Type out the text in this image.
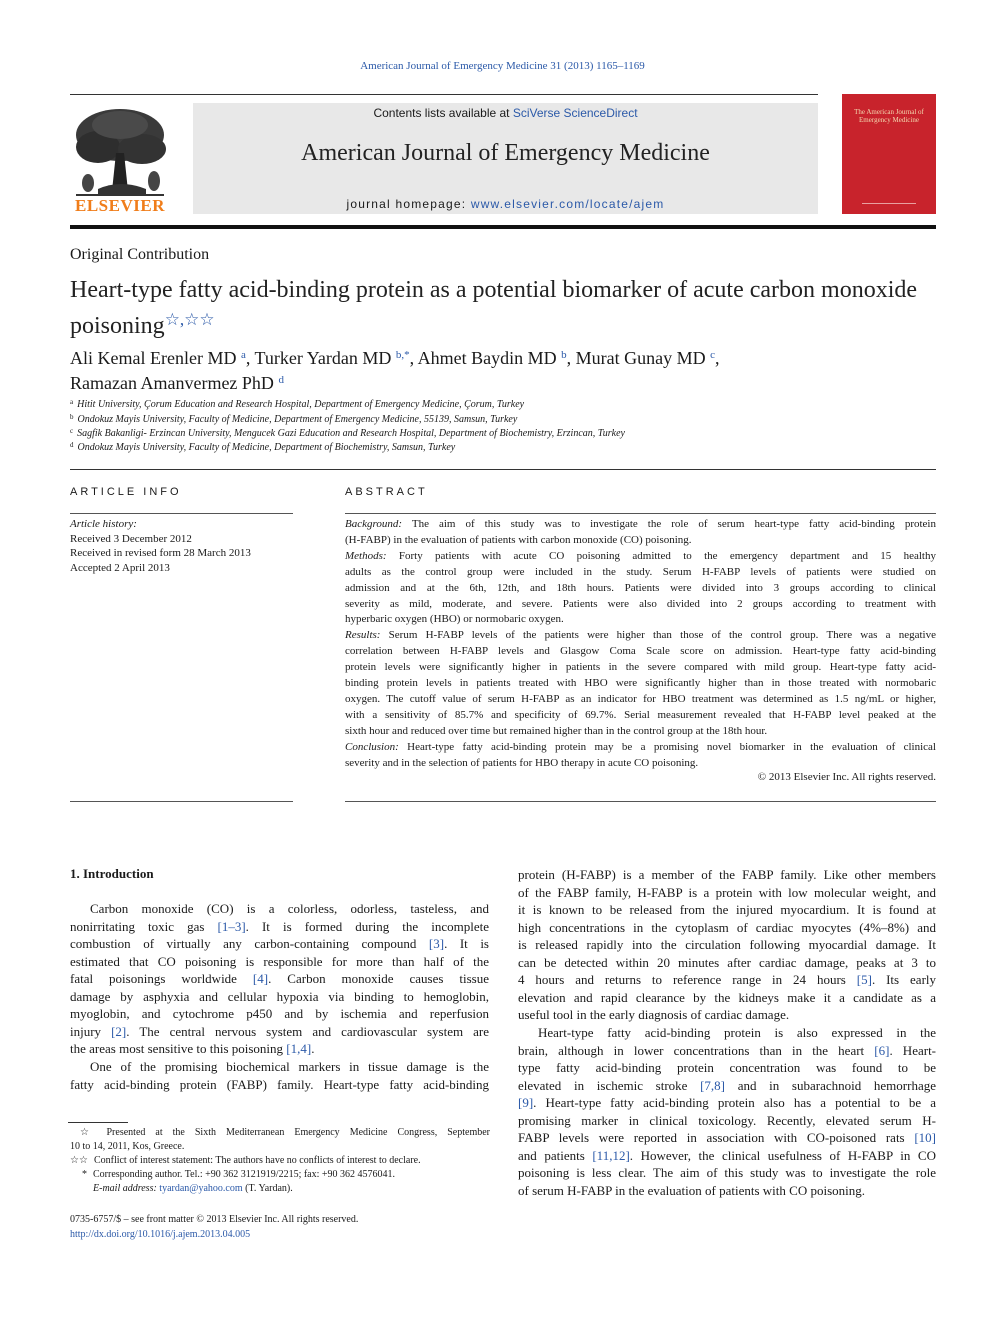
American Journal of Emergency Medicine 31 (2013) 1165–1169
ELSEVIER
Contents lists available at SciVerse ScienceDirect
American Journal of Emergency Medicine
journal homepage: www.elsevier.com/locate/ajem
The American Journal of Emergency Medicine
Original Contribution
Heart-type fatty acid-binding protein as a potential biomarker of acute carbon monoxide poisoning☆,☆☆
Ali Kemal Erenler MD $^a$, Turker Yardan MD $^{b,*}$, Ahmet Baydin MD $^b$, Murat Gunay MD $^c$,
Ramazan Amanvermez PhD $^d$
$^a$ Hitit University, Çorum Education and Research Hospital, Department of Emergency Medicine, Çorum, Turkey
$^b$ Ondokuz Mayis University, Faculty of Medicine, Department of Emergency Medicine, 55139, Samsun, Turkey
$^c$ Sagfik Bakanligi- Erzincan University, Mengucek Gazi Education and Research Hospital, Department of Biochemistry, Erzincan, Turkey
$^d$ Ondokuz Mayis University, Faculty of Medicine, Department of Biochemistry, Samsun, Turkey
ARTICLE INFO	ABSTRACT
Article history:
Received 3 December 2012
Received in revised form 28 March 2013
Accepted 2 April 2013
Background: The aim of this study was to investigate the role of serum heart-type fatty acid-binding protein
(H-FABP) in the evaluation of patients with carbon monoxide (CO) poisoning.
Methods: Forty patients with acute CO poisoning admitted to the emergency department and 15 healthy
adults as the control group were included in the study. Serum H-FABP levels of patients were studied on
admission and at the 6th, 12th, and 18th hours. Patients were divided into 3 groups according to clinical
severity as mild, moderate, and severe. Patients were also divided into 2 groups according to treatment with
hyperbaric oxygen (HBO) or normobaric oxygen.
Results: Serum H-FABP levels of the patients were higher than those of the control group. There was a negative
correlation between H-FABP levels and Glasgow Coma Scale score on admission. Heart-type fatty acid-binding
protein levels were significantly higher in patients in the severe compared with mild group. Heart-type fatty acid-
binding protein levels in patients treated with HBO were significantly higher than in those treated with normobaric
oxygen. The cutoff value of serum H-FABP as an indicator for HBO treatment was determined as 1.5 ng/mL or higher,
with a sensitivity of 85.7% and specificity of 69.7%. Serial measurement revealed that H-FABP level peaked at the
sixth hour and reduced over time but remained higher than in the control group at the 18th hour.
Conclusion: Heart-type fatty acid-binding protein may be a promising novel biomarker in the evaluation of clinical
severity and in the selection of patients for HBO therapy in acute CO poisoning.
© 2013 Elsevier Inc. All rights reserved.
1. Introduction
Carbon monoxide (CO) is a colorless, odorless, tasteless, and
nonirritating toxic gas [1–3]. It is formed during the incomplete
combustion of virtually any carbon-containing compound [3]. It is
estimated that CO poisoning is responsible for more than half of the
fatal poisonings worldwide [4]. Carbon monoxide causes tissue
damage by asphyxia and cellular hypoxia via binding to hemoglobin,
myoglobin, and cytochrome p450 and by ischemia and reperfusion
injury [2]. The central nervous system and cardiovascular system are
the areas most sensitive to this poisoning [1,4].
One of the promising biochemical markers in tissue damage is the
fatty acid-binding protein (FABP) family. Heart-type fatty acid-binding
protein (H-FABP) is a member of the FABP family. Like other members
of the FABP family, H-FABP is a protein with low molecular weight, and
it is known to be released from the injured myocardium. It is found at
high concentrations in the cytoplasm of cardiac myocytes (4%–8%) and
is released rapidly into the circulation following myocardial damage. It
can be detected within 20 minutes after cardiac damage, peaks at 3 to
4 hours and returns to reference range in 24 hours [5]. Its early
elevation and rapid clearance by the kidneys make it a candidate as a
useful tool in the early diagnosis of cardiac damage.
Heart-type fatty acid-binding protein is also expressed in the
brain, although in lower concentrations than in the heart [6]. Heart-
type fatty acid-binding protein concentration was found to be
elevated in ischemic stroke [7,8] and in subarachnoid hemorrhage
[9]. Heart-type fatty acid-binding protein also has a potential to be a
promising marker in clinical toxicology. Recently, elevated serum H-
FABP levels were reported in association with CO-poisoned rats [10]
and patients [11,12]. However, the clinical usefulness of H-FABP in CO
poisoning is less clear. The aim of this study was to investigate the role
of serum H-FABP in the evaluation of patients with CO poisoning.
☆ Presented at the Sixth Mediterranean Emergency Medicine Congress, September
10 to 14, 2011, Kos, Greece.
☆☆ Conflict of interest statement: The authors have no conflicts of interest to declare.
* Corresponding author. Tel.: +90 362 3121919/2215; fax: +90 362 4576041.
E-mail address: tyardan@yahoo.com (T. Yardan).
0735-6757/$ – see front matter © 2013 Elsevier Inc. All rights reserved.
http://dx.doi.org/10.1016/j.ajem.2013.04.005
